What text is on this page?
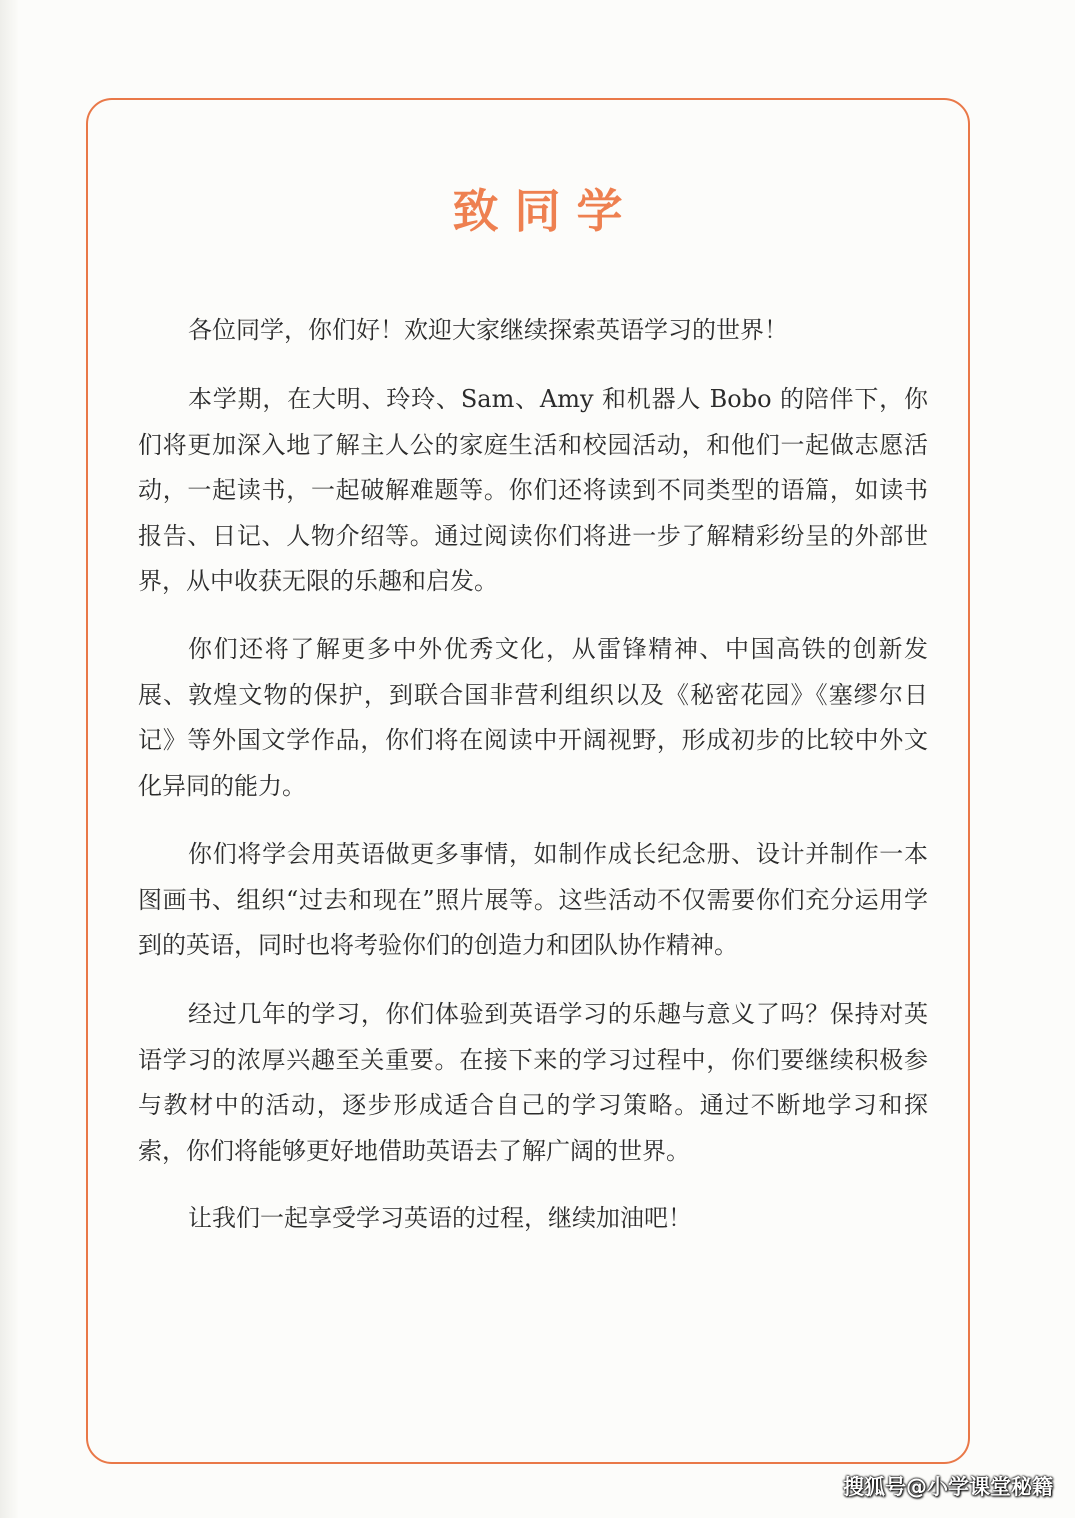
致同学

各位同学，你们好！欢迎大家继续探索英语学习的世界！

本学期，在大明、玲玲、Sam、Amy 和机器人 Bobo 的陪伴下，你们将更加深入地了解主人公的家庭生活和校园活动，和他们一起做志愿活动，一起读书，一起破解难题等。你们还将读到不同类型的语篇，如读书报告、日记、人物介绍等。通过阅读你们将进一步了解精彩纷呈的外部世界，从中收获无限的乐趣和启发。

你们还将了解更多中外优秀文化，从雷锋精神、中国高铁的创新发展、敦煌文物的保护，到联合国非营利组织以及《秘密花园》《塞缪尔日记》等外国文学作品，你们将在阅读中开阔视野，形成初步的比较中外文化异同的能力。

你们将学会用英语做更多事情，如制作成长纪念册、设计并制作一本图画书、组织“过去和现在”照片展等。这些活动不仅需要你们充分运用学到的英语，同时也将考验你们的创造力和团队协作精神。

经过几年的学习，你们体验到英语学习的乐趣与意义了吗？保持对英语学习的浓厚兴趣至关重要。在接下来的学习过程中，你们要继续积极参与教材中的活动，逐步形成适合自己的学习策略。通过不断地学习和探索，你们将能够更好地借助英语去了解广阔的世界。

让我们一起享受学习英语的过程，继续加油吧！

搜狐号@小学课堂秘籍
